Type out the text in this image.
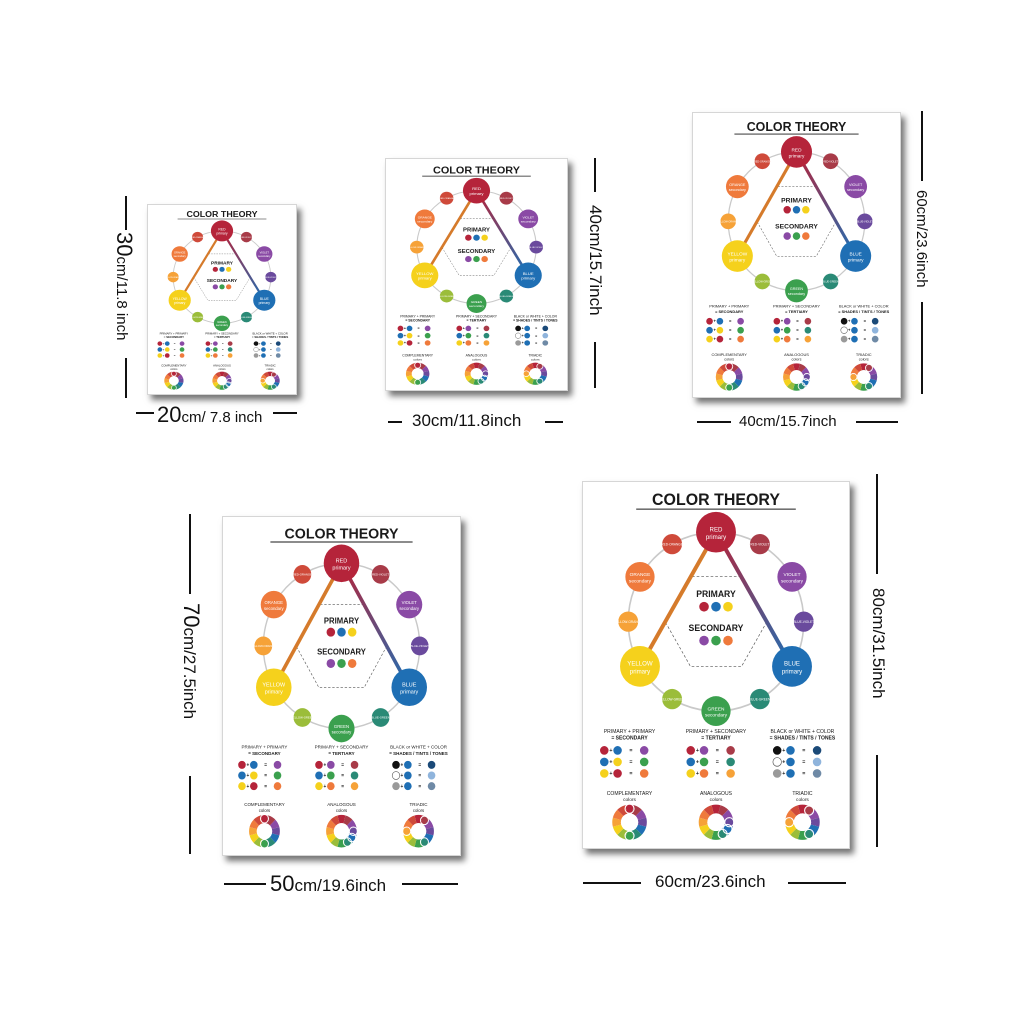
COLOR THEORY
RED
primary
RED-VIOLET
VIOLET
secondary
BLUE-VIOLET
BLUE
primary
BLUE-GREEN
GREEN
secondary
YELLOW-GREEN
YELLOW
primary
YELLOW-ORANGE
ORANGE
secondary
RED-ORANGE
PRIMARY
SECONDARY
PRIMARY + PRIMARY
= SECONDARY
+ =
+ =
+ =
PRIMARY + SECONDARY
= TERTIARY
+ =
+ =
+ =
BLACK or WHITE + COLOR
= SHADES / TINTS / TONES
+ =
+ =
+ =
COMPLEMENTARY
colors
ANALOGOUS
colors
TRIADIC
colors
COLOR THEORY
RED
primary
RED-VIOLET
VIOLET
secondary
BLUE-VIOLET
BLUE
primary
BLUE-GREEN
GREEN
secondary
YELLOW-GREEN
YELLOW
primary
YELLOW-ORANGE
ORANGE
secondary
RED-ORANGE
PRIMARY
SECONDARY
PRIMARY + PRIMARY
= SECONDARY
+	=
+	=
+	=
PRIMARY + SECONDARY
= TERTIARY
+	=
+	=
+	=
BLACK or WHITE + COLOR
= SHADES / TINTS / TONES
+	=
+	=
+	=
COMPLEMENTARY
colors
ANALOGOUS
colors
TRIADIC
colors
COLOR THEORY
RED
primary
RED-VIOLET
VIOLET
secondary
BLUE-VIOLET
BLUE
primary
BLUE-GREEN
GREEN
secondary
YELLOW-GREEN
YELLOW
primary
YELLOW-ORANGE
ORANGE
secondary
RED-ORANGE
PRIMARY
SECONDARY
PRIMARY + PRIMARY
= SECONDARY
+	=
+	=
+	=
PRIMARY + SECONDARY
= TERTIARY
+	=
+	=
+	=
BLACK or WHITE + COLOR
= SHADES / TINTS / TONES
+	=
+	=
+	=
COMPLEMENTARY
colors
ANALOGOUS
colors
TRIADIC
colors
COLOR THEORY
RED
primary
RED-VIOLET
VIOLET
secondary
BLUE-VIOLET
BLUE
primary
BLUE-GREEN
GREEN
secondary
YELLOW-GREEN
YELLOW
primary
YELLOW-ORANGE
ORANGE
secondary
RED-ORANGE
PRIMARY
SECONDARY
PRIMARY + PRIMARY
= SECONDARY
+	=
+	=
+	=
PRIMARY + SECONDARY
= TERTIARY
+	=
+	=
+	=
BLACK or WHITE + COLOR
= SHADES / TINTS / TONES
+	=
+	=
+	=
COMPLEMENTARY
colors
ANALOGOUS
colors
TRIADIC
colors
COLOR THEORY
RED
primary
RED-VIOLET
VIOLET
secondary
BLUE-VIOLET
BLUE
primary
BLUE-GREEN
GREEN
secondary
YELLOW-GREEN
YELLOW
primary
YELLOW-ORANGE
ORANGE
secondary
RED-ORANGE
PRIMARY
SECONDARY
PRIMARY + PRIMARY
= SECONDARY
+	=
+	=
+	=
PRIMARY + SECONDARY
= TERTIARY
+	=
+	=
+	=
BLACK or WHITE + COLOR
= SHADES / TINTS / TONES
+	=
+	=
+	=
COMPLEMENTARY
colors
ANALOGOUS
colors
TRIADIC
colors
20cm/ 7.8 inch
30cm/11.8 inch
30cm/11.8inch
40cm/15.7inch
40cm/15.7inch
60cm/23.6inch
50cm/19.6inch
70cm/27.5inch
60cm/23.6inch
80cm/31.5inch
